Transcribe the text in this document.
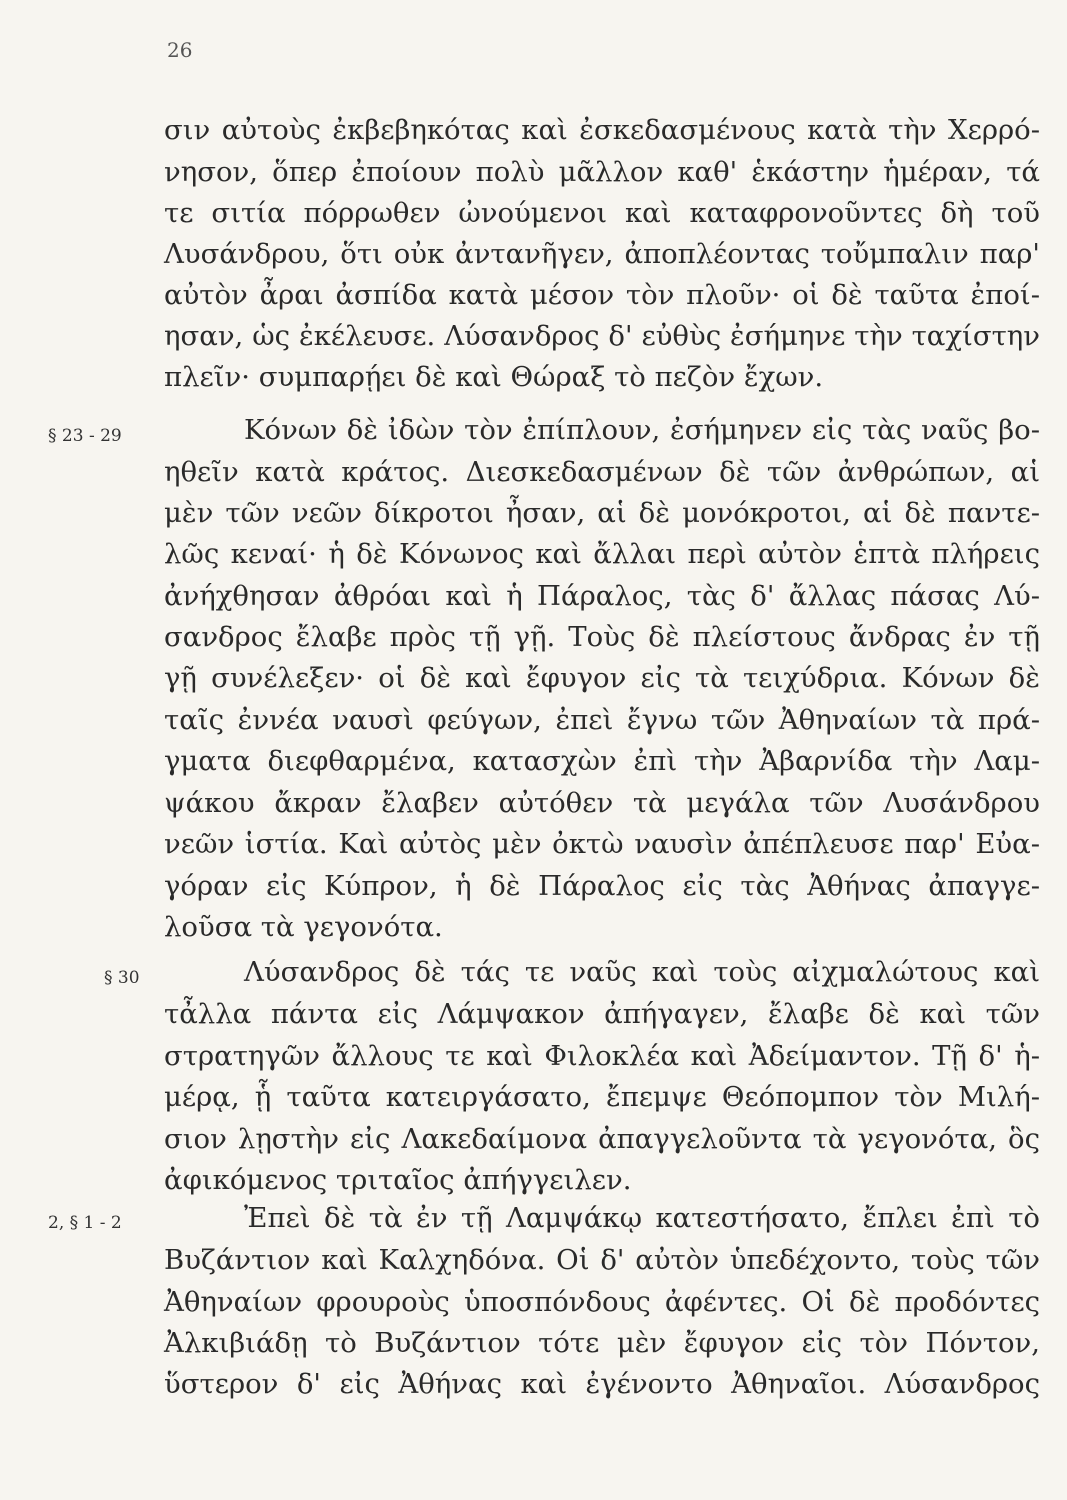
26
§ 23 - 29
§ 30
2, § 1 - 2
σιν αὐτοὺς ἐκβεβηκότας καὶ ἐσκεδασμένους κατὰ τὴν Χερρό-
νησον, ὅπερ ἐποίουν πολὺ μᾶλλον καθ' ἑκάστην ἡμέραν, τά
τε σιτία πόρρωθεν ὠνούμενοι καὶ καταφρονοῦντες δὴ τοῦ
Λυσάνδρου, ὅτι οὐκ ἀντανῆγεν, ἀποπλέοντας τοὔμπαλιν παρ'
αὐτὸν ἆραι ἀσπίδα κατὰ μέσον τὸν πλοῦν· οἱ δὲ ταῦτα ἐποί-
ησαν, ὡς ἐκέλευσε. Λύσανδρος δ' εὐθὺς ἐσήμηνε τὴν ταχίστην
πλεῖν· συμπαρῄει δὲ καὶ Θώραξ τὸ πεζὸν ἔχων.
Κόνων δὲ ἰδὼν τὸν ἐπίπλουν, ἐσήμηνεν εἰς τὰς ναῦς βο-
ηθεῖν κατὰ κράτος. Διεσκεδασμένων δὲ τῶν ἀνθρώπων, αἱ
μὲν τῶν νεῶν δίκροτοι ἦσαν, αἱ δὲ μονόκροτοι, αἱ δὲ παντε-
λῶς κεναί· ἡ δὲ Κόνωνος καὶ ἄλλαι περὶ αὐτὸν ἑπτὰ πλήρεις
ἀνήχθησαν ἀθρόαι καὶ ἡ Πάραλος, τὰς δ' ἄλλας πάσας Λύ-
σανδρος ἔλαβε πρὸς τῇ γῇ. Τοὺς δὲ πλείστους ἄνδρας ἐν τῇ
γῇ συνέλεξεν· οἱ δὲ καὶ ἔφυγον εἰς τὰ τειχύδρια. Κόνων δὲ
ταῖς ἐννέα ναυσὶ φεύγων, ἐπεὶ ἔγνω τῶν Ἀθηναίων τὰ πρά-
γματα διεφθαρμένα, κατασχὼν ἐπὶ τὴν Ἀβαρνίδα τὴν Λαμ-
ψάκου ἄκραν ἔλαβεν αὐτόθεν τὰ μεγάλα τῶν Λυσάνδρου
νεῶν ἱστία. Καὶ αὐτὸς μὲν ὀκτὼ ναυσὶν ἀπέπλευσε παρ' Εὐα-
γόραν εἰς Κύπρον, ἡ δὲ Πάραλος εἰς τὰς Ἀθήνας ἀπαγγε-
λοῦσα τὰ γεγονότα.
Λύσανδρος δὲ τάς τε ναῦς καὶ τοὺς αἰχμαλώτους καὶ
τἆλλα πάντα εἰς Λάμψακον ἀπήγαγεν, ἔλαβε δὲ καὶ τῶν
στρατηγῶν ἄλλους τε καὶ Φιλοκλέα καὶ Ἀδείμαντον. Τῇ δ' ἡ-
μέρᾳ, ᾗ ταῦτα κατειργάσατο, ἔπεμψε Θεόπομπον τὸν Μιλή-
σιον λῃστὴν εἰς Λακεδαίμονα ἀπαγγελοῦντα τὰ γεγονότα, ὃς
ἀφικόμενος τριταῖος ἀπήγγειλεν.
Ἐπεὶ δὲ τὰ ἐν τῇ Λαμψάκῳ κατεστήσατο, ἔπλει ἐπὶ τὸ
Βυζάντιον καὶ Καλχηδόνα. Οἱ δ' αὐτὸν ὑπεδέχοντο, τοὺς τῶν
Ἀθηναίων φρουροὺς ὑποσπόνδους ἀφέντες. Οἱ δὲ προδόντες
Ἀλκιβιάδῃ τὸ Βυζάντιον τότε μὲν ἔφυγον εἰς τὸν Πόντον,
ὕστερον δ' εἰς Ἀθήνας καὶ ἐγένοντο Ἀθηναῖοι. Λύσανδρος
